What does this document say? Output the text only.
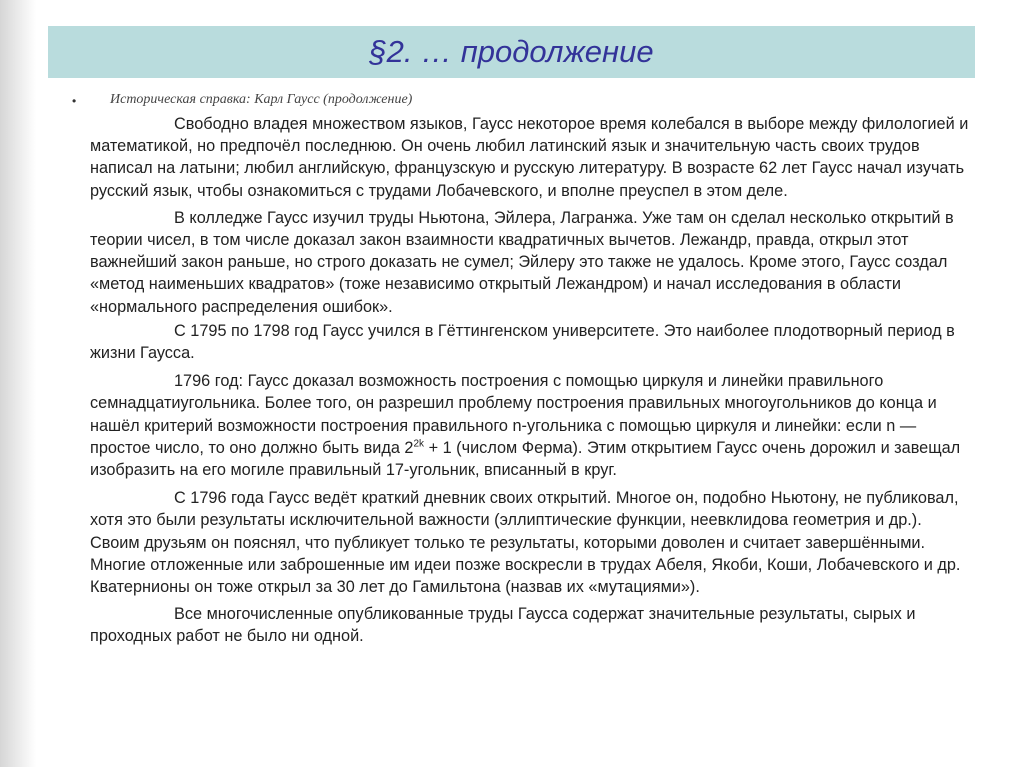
§2. … продолжение
• Историческая справка: Карл Гаусс (продолжение)

Свободно владея множеством языков, Гаусс некоторое время колебался в выборе между филологией и математикой, но предпочёл последнюю. Он очень любил латинский язык и значительную часть своих трудов написал на латыни; любил английскую, французскую и русскую литературу. В возрасте 62 лет Гаусс начал изучать русский язык, чтобы ознакомиться с трудами Лобачевского, и вполне преуспел в этом деле.

В колледже Гаусс изучил труды Ньютона, Эйлера, Лагранжа. Уже там он сделал несколько открытий в теории чисел, в том числе доказал закон взаимности квадратичных вычетов. Лежандр, правда, открыл этот важнейший закон раньше, но строго доказать не сумел; Эйлеру это также не удалось. Кроме этого, Гаусс создал «метод наименьших квадратов» (тоже независимо открытый Лежандром) и начал исследования в области «нормального распределения ошибок».

С 1795 по 1798 год Гаусс учился в Гёттингенском университете. Это наиболее плодотворный период в жизни Гаусса.

1796 год: Гаусс доказал возможность построения с помощью циркуля и линейки правильного семнадцатиугольника. Более того, он разрешил проблему построения правильных многоугольников до конца и нашёл критерий возможности построения правильного n-угольника с помощью циркуля и линейки: если n — простое число, то оно должно быть вида $2^{2k} + 1$ (числом Ферма). Этим открытием Гаусс очень дорожил и завещал изобразить на его могиле правильный 17-угольник, вписанный в круг.

С 1796 года Гаусс ведёт краткий дневник своих открытий. Многое он, подобно Ньютону, не публиковал, хотя это были результаты исключительной важности (эллиптические функции, неевклидова геометрия и др.). Своим друзьям он пояснял, что публикует только те результаты, которыми доволен и считает завершёнными. Многие отложенные или заброшенные им идеи позже воскресли в трудах Абеля, Якоби, Коши, Лобачевского и др. Кватернионы он тоже открыл за 30 лет до Гамильтона (назвав их «мутациями»).

Все многочисленные опубликованные труды Гаусса содержат значительные результаты, сырых и проходных работ не было ни одной.
